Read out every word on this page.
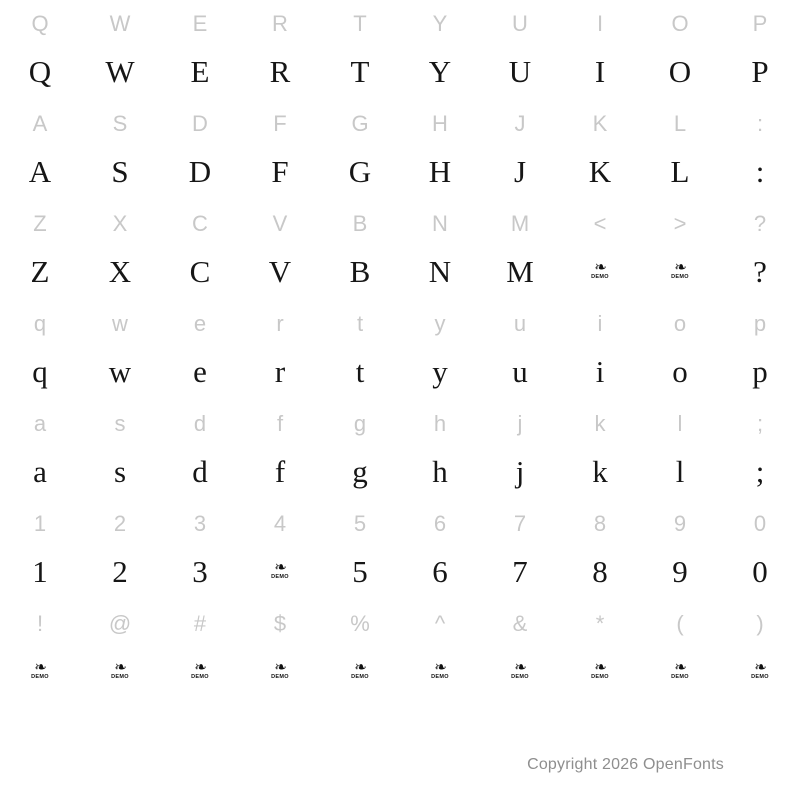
Q
Q
W
W
E
E
R
R
T
T
Y
Y
U
U
I
I
O
O
P
P
A
A
S
S
D
D
F
F
G
G
H
H
J
J
K
K
L
L
:
:
Z
Z
X
X
C
C
V
V
B
B
N
N
M
M
<
❧
DEMO
>
❧
DEMO
?
?
q
q
w
w
e
e
r
r
t
t
y
y
u
u
i
i
o
o
p
p
a
a
s
s
d
d
f
f
g
g
h
h
j
j
k
k
l
l
;
;
1
1
2
2
3
3
4
❧
DEMO
5
5
6
6
7
7
8
8
9
9
0
0
!
❧
DEMO
@
❧
DEMO
#
❧
DEMO
$
❧
DEMO
%
❧
DEMO
^
❧
DEMO
&
❧
DEMO
*
❧
DEMO
(
❧
DEMO
)
❧
DEMO
Copyright 2026 OpenFonts
